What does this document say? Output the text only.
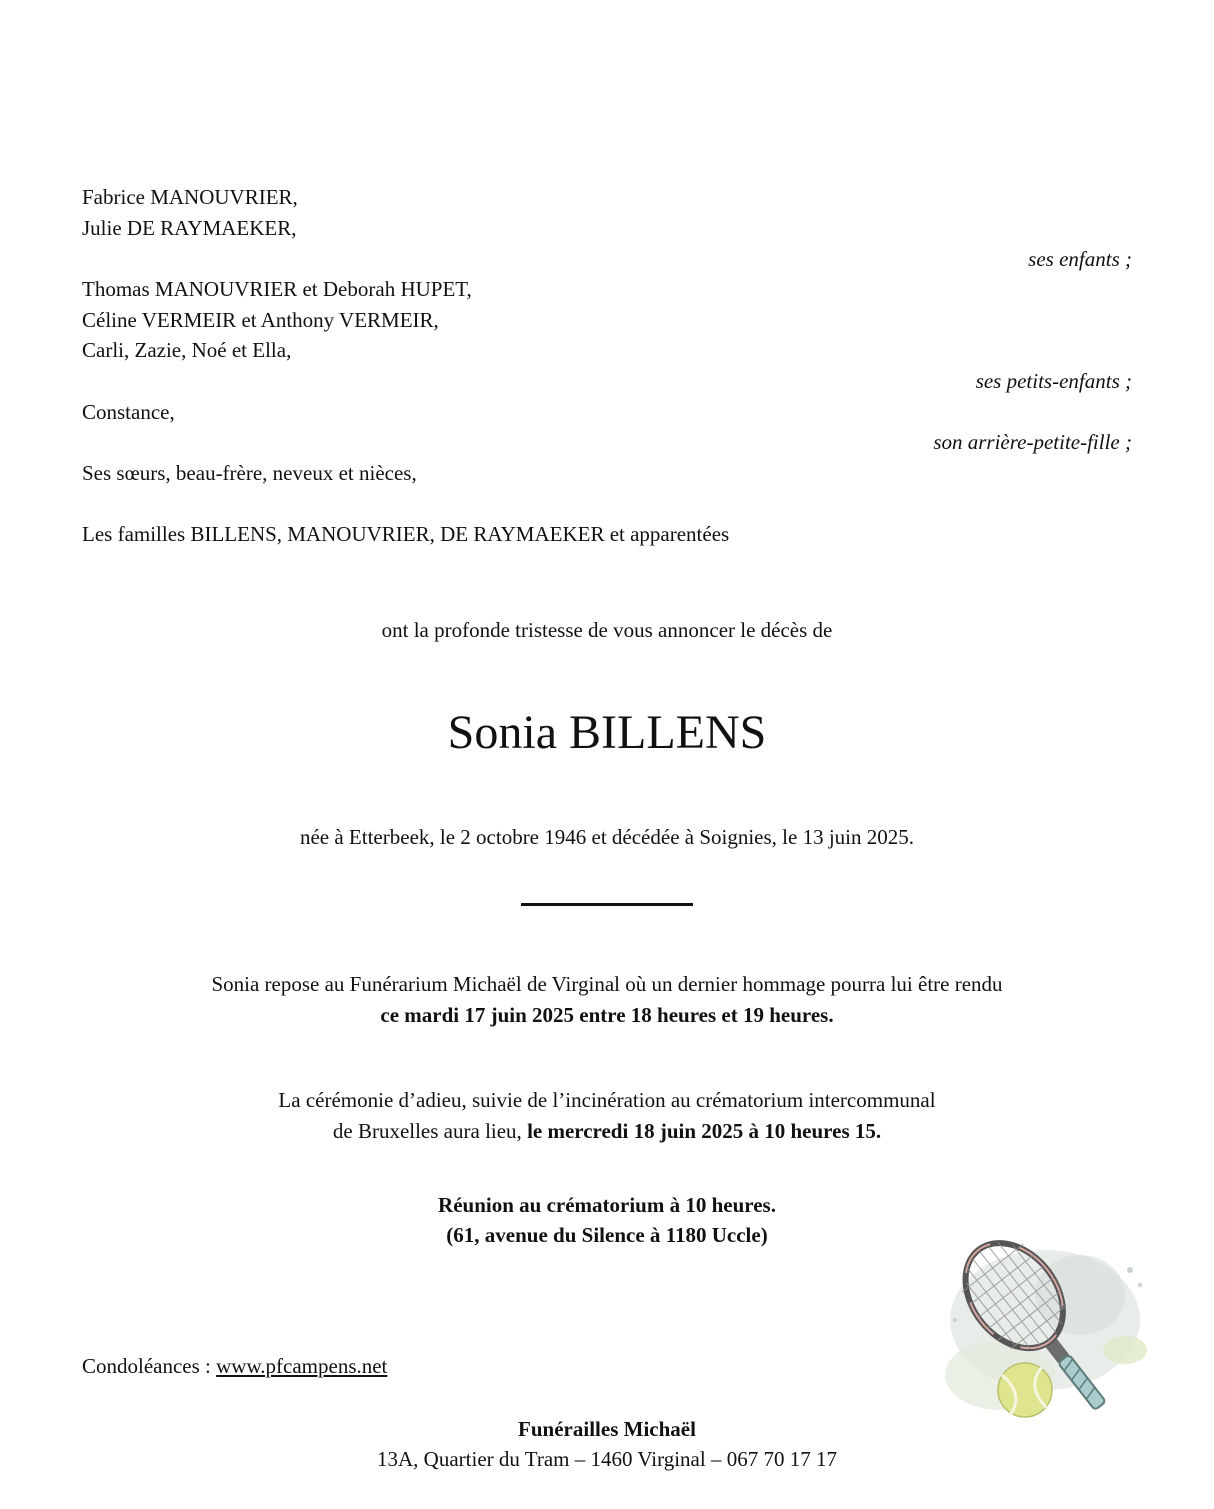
Fabrice MANOUVRIER,
Julie DE RAYMAEKER,
ses enfants ;
Thomas MANOUVRIER et Deborah HUPET,
Céline VERMEIR et Anthony VERMEIR,
Carli, Zazie, Noé et Ella,
ses petits-enfants ;
Constance,
son arrière-petite-fille ;
Ses sœurs, beau-frère, neveux et nièces,
Les familles BILLENS, MANOUVRIER, DE RAYMAEKER et apparentées
ont la profonde tristesse de vous annoncer le décès de
Sonia BILLENS
née à Etterbeek, le 2 octobre 1946 et décédée à Soignies, le 13 juin 2025.
Sonia repose au Funérarium Michaël de Virginal où un dernier hommage pourra lui être rendu
ce mardi 17 juin 2025 entre 18 heures et 19 heures.
La cérémonie d’adieu, suivie de l’incinération au crématorium intercommunal
de Bruxelles aura lieu, le mercredi 18 juin 2025 à 10 heures 15.
Réunion au crématorium à 10 heures.
(61, avenue du Silence à 1180 Uccle)
Condoléances : www.pfcampens.net
Funérailles Michaël
13A, Quartier du Tram – 1460 Virginal – 067 70 17 17
